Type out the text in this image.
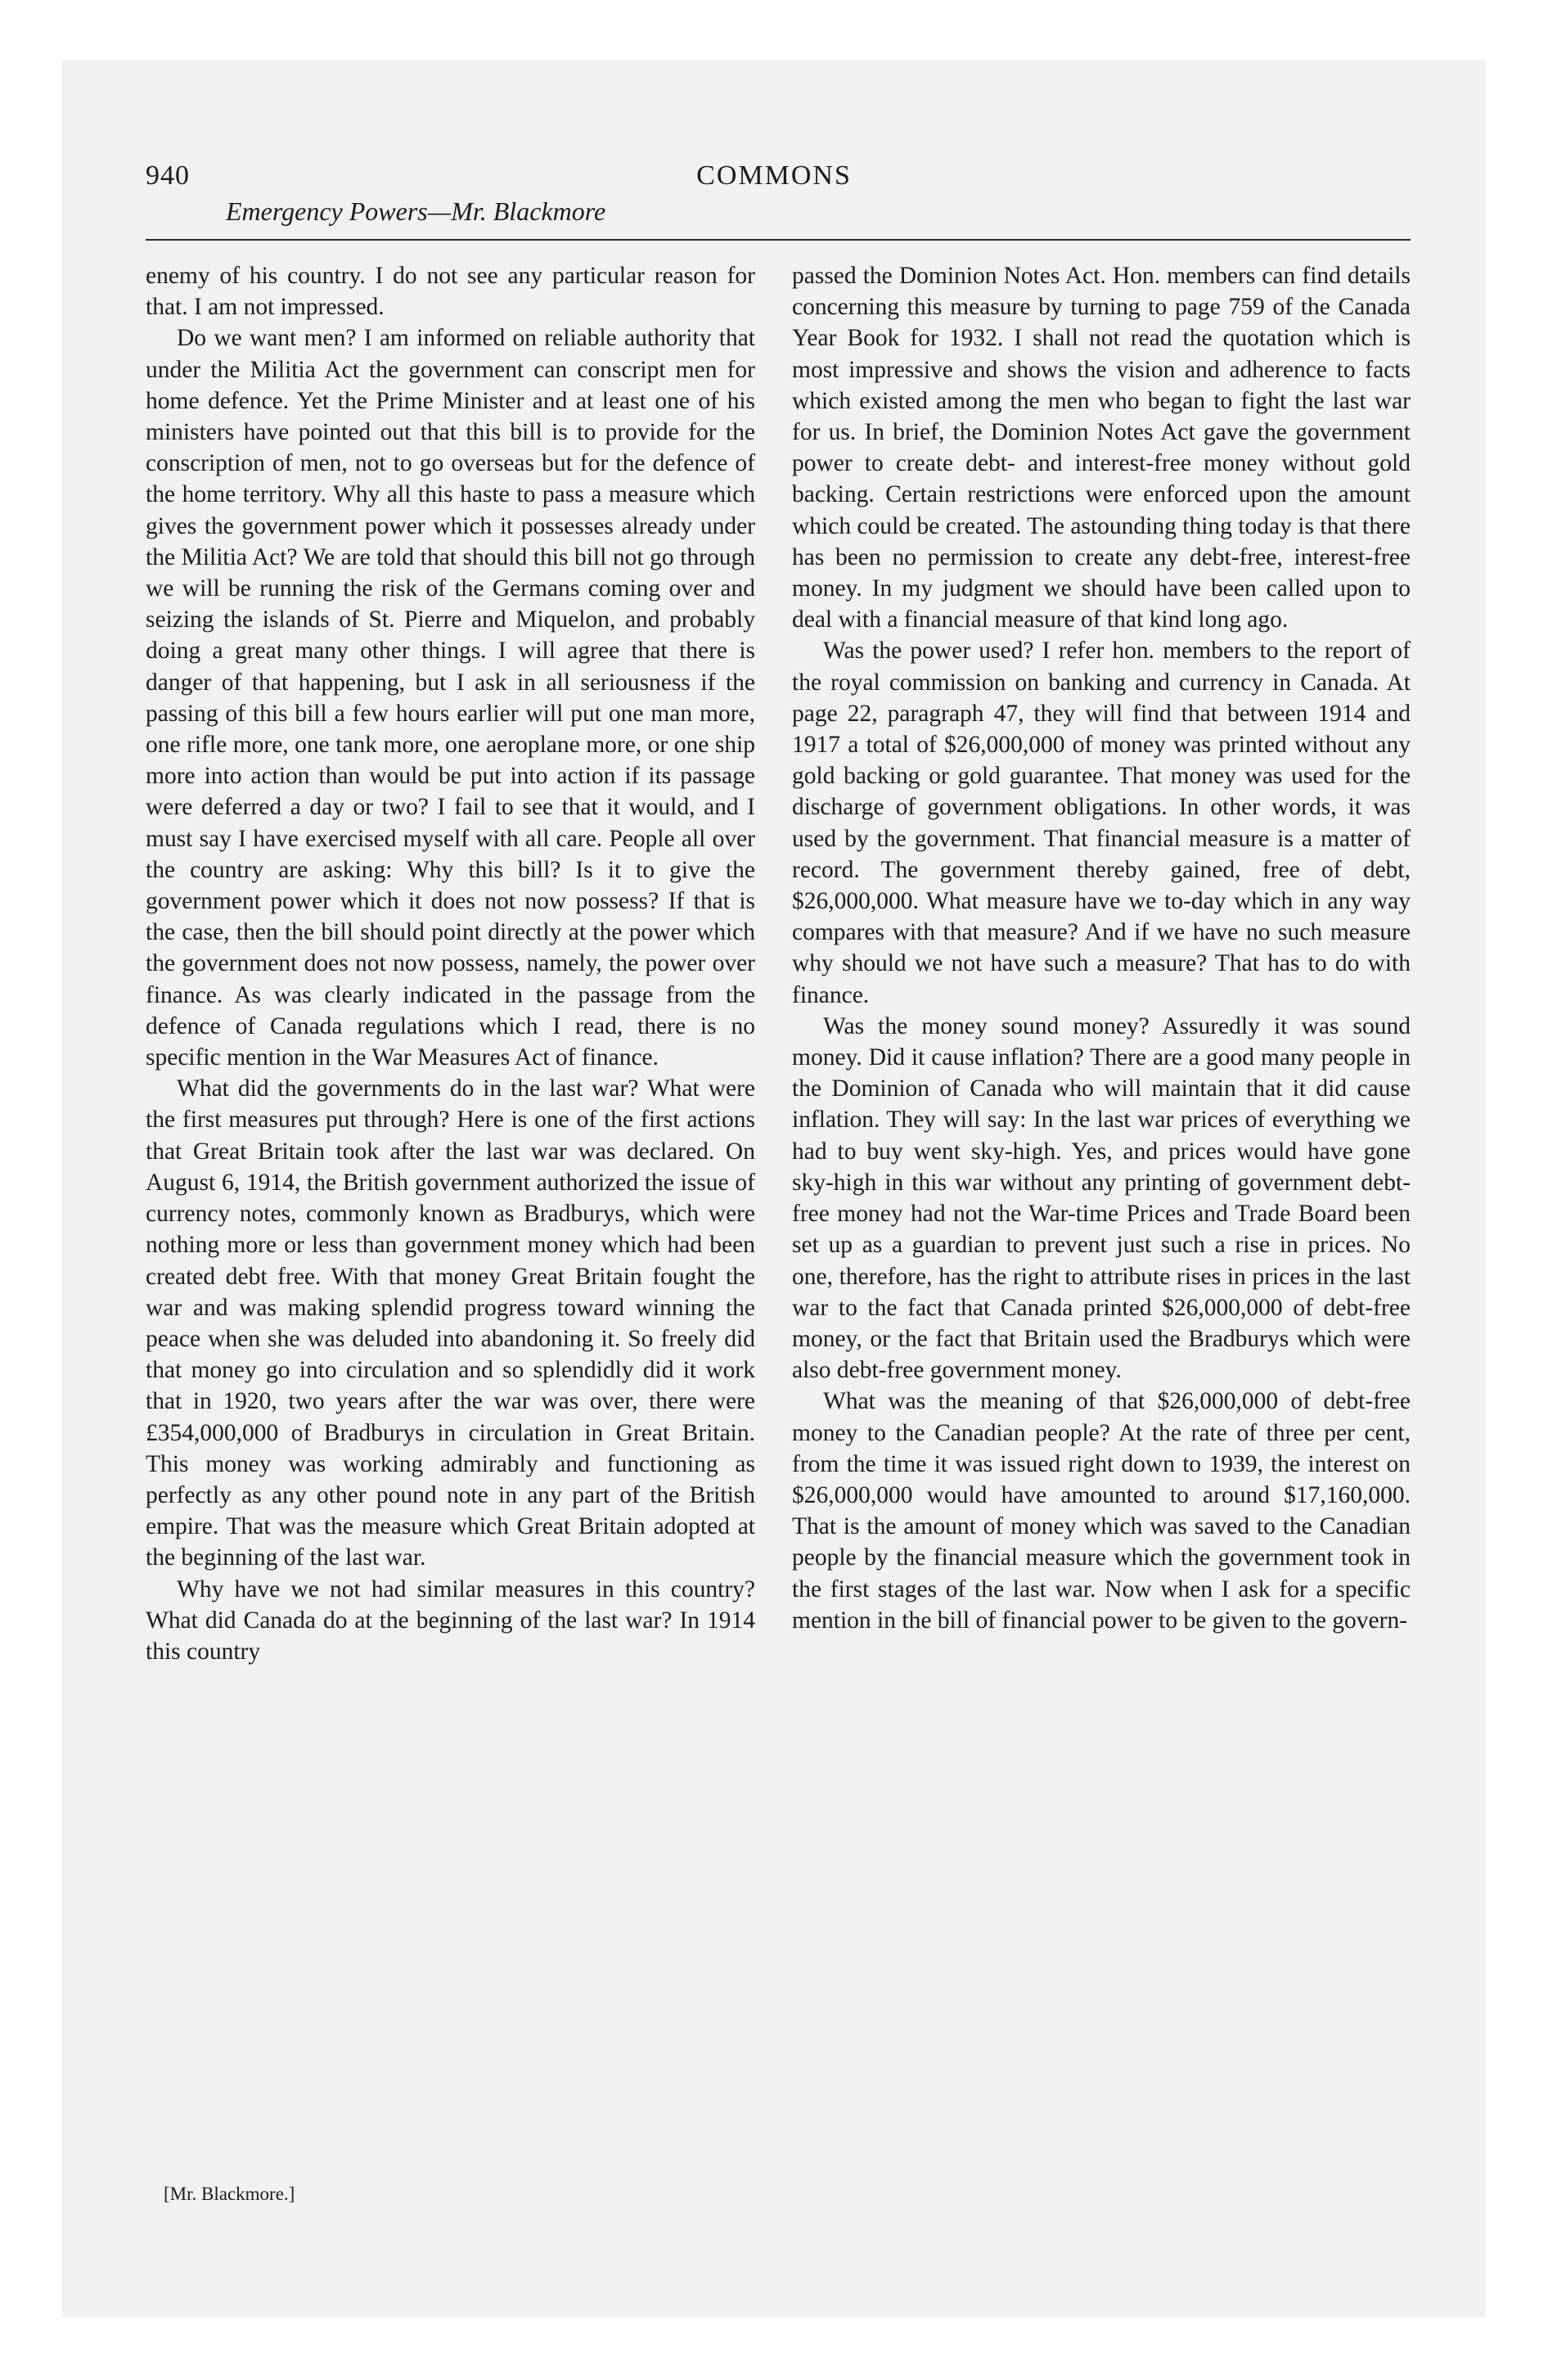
940	COMMONS
Emergency Powers—Mr. Blackmore

enemy of his country. I do not see any particular reason for that. I am not impressed.

Do we want men? I am informed on reliable authority that under the Militia Act the government can conscript men for home defence. Yet the Prime Minister and at least one of his ministers have pointed out that this bill is to provide for the conscription of men, not to go overseas but for the defence of the home territory. Why all this haste to pass a measure which gives the government power which it possesses already under the Militia Act? We are told that should this bill not go through we will be running the risk of the Germans coming over and seizing the islands of St. Pierre and Miquelon, and probably doing a great many other things. I will agree that there is danger of that happening, but I ask in all seriousness if the passing of this bill a few hours earlier will put one man more, one rifle more, one tank more, one aeroplane more, or one ship more into action than would be put into action if its passage were deferred a day or two? I fail to see that it would, and I must say I have exercised myself with all care. People all over the country are asking: Why this bill? Is it to give the government power which it does not now possess? If that is the case, then the bill should point directly at the power which the government does not now possess, namely, the power over finance. As was clearly indicated in the passage from the defence of Canada regulations which I read, there is no specific mention in the War Measures Act of finance.

What did the governments do in the last war? What were the first measures put through? Here is one of the first actions that Great Britain took after the last war was declared. On August 6, 1914, the British government authorized the issue of currency notes, commonly known as Bradburys, which were nothing more or less than government money which had been created debt free. With that money Great Britain fought the war and was making splendid progress toward winning the peace when she was deluded into abandoning it. So freely did that money go into circulation and so splendidly did it work that in 1920, two years after the war was over, there were £354,000,000 of Bradburys in circulation in Great Britain. This money was working admirably and functioning as perfectly as any other pound note in any part of the British empire. That was the measure which Great Britain adopted at the beginning of the last war.

Why have we not had similar measures in this country? What did Canada do at the beginning of the last war? In 1914 this country

passed the Dominion Notes Act. Hon. members can find details concerning this measure by turning to page 759 of the Canada Year Book for 1932. I shall not read the quotation which is most impressive and shows the vision and adherence to facts which existed among the men who began to fight the last war for us. In brief, the Dominion Notes Act gave the government power to create debt- and interest-free money without gold backing. Certain restrictions were enforced upon the amount which could be created. The astounding thing today is that there has been no permission to create any debt-free, interest-free money. In my judgment we should have been called upon to deal with a financial measure of that kind long ago.

Was the power used? I refer hon. members to the report of the royal commission on banking and currency in Canada. At page 22, paragraph 47, they will find that between 1914 and 1917 a total of $26,000,000 of money was printed without any gold backing or gold guarantee. That money was used for the discharge of government obligations. In other words, it was used by the government. That financial measure is a matter of record. The government thereby gained, free of debt, $26,000,000. What measure have we to-day which in any way compares with that measure? And if we have no such measure why should we not have such a measure? That has to do with finance.

Was the money sound money? Assuredly it was sound money. Did it cause inflation? There are a good many people in the Dominion of Canada who will maintain that it did cause inflation. They will say: In the last war prices of everything we had to buy went sky-high. Yes, and prices would have gone sky-high in this war without any printing of government debt-free money had not the War-time Prices and Trade Board been set up as a guardian to prevent just such a rise in prices. No one, therefore, has the right to attribute rises in prices in the last war to the fact that Canada printed $26,000,000 of debt-free money, or the fact that Britain used the Bradburys which were also debt-free government money.

What was the meaning of that $26,000,000 of debt-free money to the Canadian people? At the rate of three per cent, from the time it was issued right down to 1939, the interest on $26,000,000 would have amounted to around $17,160,000. That is the amount of money which was saved to the Canadian people by the financial measure which the government took in the first stages of the last war. Now when I ask for a specific mention in the bill of financial power to be given to the govern-

[Mr. Blackmore.]
